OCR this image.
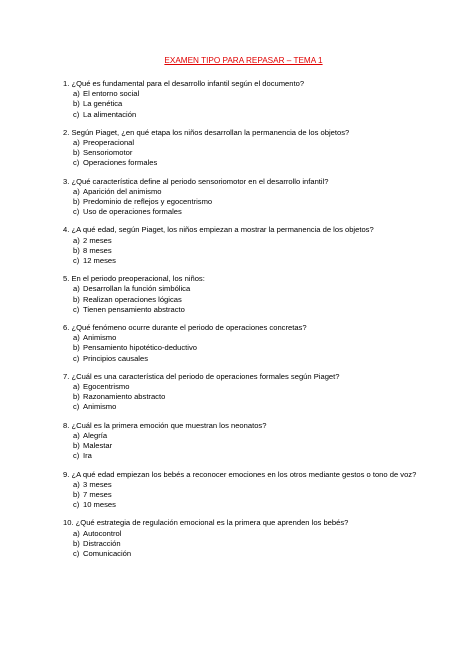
EXAMEN TIPO PARA REPASAR – TEMA 1

1. ¿Qué es fundamental para el desarrollo infantil según el documento?

a) El entorno social
b) La genética
c) La alimentación

2. Según Piaget, ¿en qué etapa los niños desarrollan la permanencia de los objetos?

a) Preoperacional
b) Sensoriomotor
c) Operaciones formales

3. ¿Qué característica define al periodo sensoriomotor en el desarrollo infantil?

a) Aparición del animismo
b) Predominio de reflejos y egocentrismo
c) Uso de operaciones formales

4. ¿A qué edad, según Piaget, los niños empiezan a mostrar la permanencia de los objetos?

a) 2 meses
b) 8 meses
c) 12 meses

5. En el periodo preoperacional, los niños:

a) Desarrollan la función simbólica
b) Realizan operaciones lógicas
c) Tienen pensamiento abstracto

6. ¿Qué fenómeno ocurre durante el periodo de operaciones concretas?

a) Animismo
b) Pensamiento hipotético-deductivo
c) Principios causales

7. ¿Cuál es una característica del periodo de operaciones formales según Piaget?

a) Egocentrismo
b) Razonamiento abstracto
c) Animismo

8. ¿Cuál es la primera emoción que muestran los neonatos?

a) Alegría
b) Malestar
c) Ira

9. ¿A qué edad empiezan los bebés a reconocer emociones en los otros mediante gestos o tono de voz?

a) 3 meses
b) 7 meses
c) 10 meses

10. ¿Qué estrategia de regulación emocional es la primera que aprenden los bebés?

a) Autocontrol
b) Distracción
c) Comunicación
